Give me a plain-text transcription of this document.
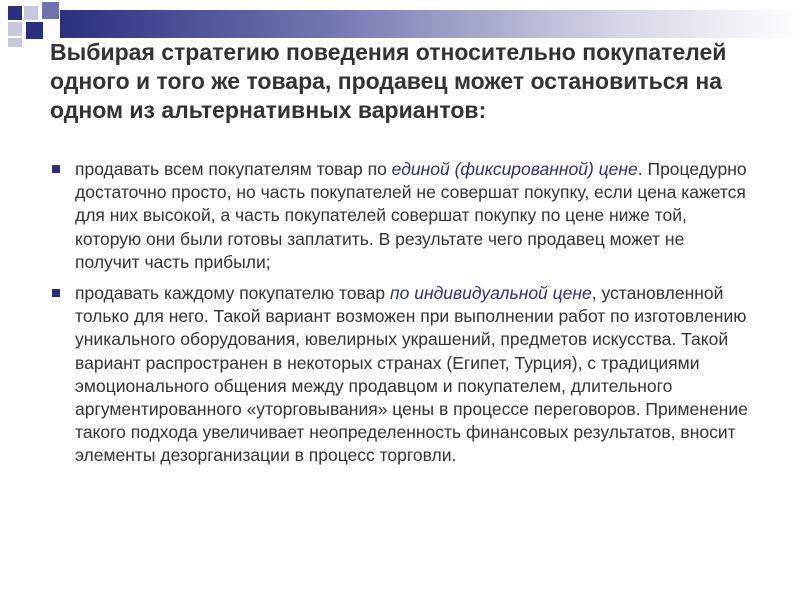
Выбирая стратегию поведения относительно покупателей одного и того же товара, продавец может остановиться на одном из альтернативных вариантов:
продавать всем покупателям товар по единой (фиксированной) цене. Процедурно достаточно просто, но часть покупателей не совершат покупку, если цена кажется для них высокой, а часть покупателей совершат покупку по цене ниже той, которую они были готовы заплатить. В результате чего продавец может не получит часть прибыли;
продавать каждому покупателю товар по индивидуальной цене, установленной только для него. Такой вариант возможен при выполнении работ по изготовлению уникального оборудования, ювелирных украшений, предметов искусства. Такой вариант распространен в некоторых странах (Египет, Турция), с традициями эмоционального общения между продавцом и покупателем, длительного аргументированного «уторговывания» цены в процессе переговоров. Применение такого подхода увеличивает неопределенность финансовых результатов, вносит элементы дезорганизации в процесс торговли.
